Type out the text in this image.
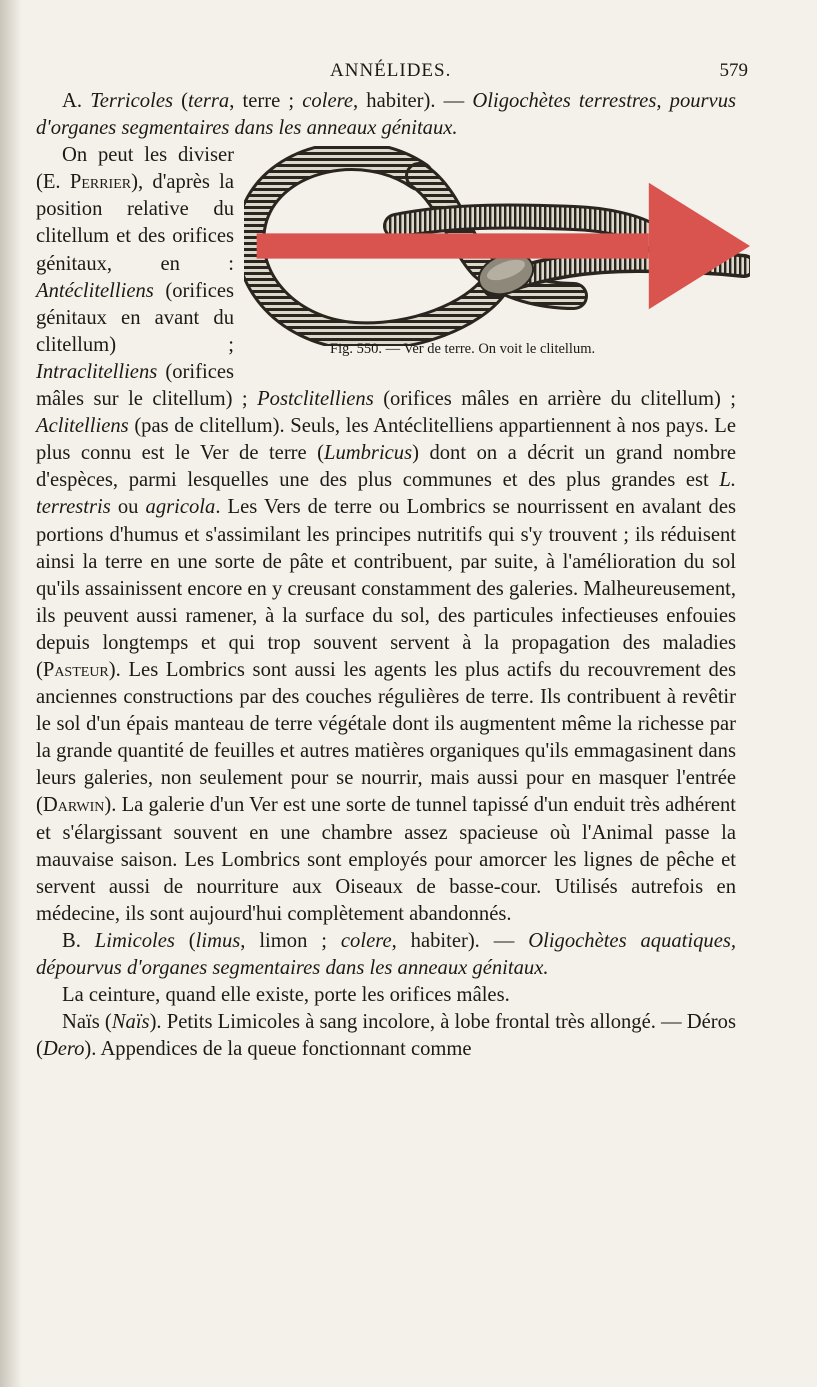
ANNÉLIDES.	579

A. Terricoles (terra, terre ; colere, habiter). — Oligochètes terrestres, pourvus d'organes segmentaires dans les anneaux génitaux.

Fig. 550. — Ver de terre. On voit le clitellum.
On peut les diviser (E. Perrier), d'après la position relative du clitellum et des orifices génitaux, en : Antéclitelliens (orifices génitaux en avant du clitellum) ; Intraclitelliens (orifices mâles sur le clitellum) ; Postclitelliens (orifices mâles en arrière du clitellum) ; Aclitelliens (pas de clitellum). Seuls, les Antéclitelliens appartiennent à nos pays. Le plus connu est le Ver de terre (Lumbricus) dont on a décrit un grand nombre d'espèces, parmi lesquelles une des plus communes et des plus grandes est L. terrestris ou agricola. Les Vers de terre ou Lombrics se nourrissent en avalant des portions d'humus et s'assimilant les principes nutritifs qui s'y trouvent ; ils réduisent ainsi la terre en une sorte de pâte et contribuent, par suite, à l'amélioration du sol qu'ils assainissent encore en y creusant constamment des galeries. Malheureusement, ils peuvent aussi ramener, à la surface du sol, des particules infectieuses enfouies depuis longtemps et qui trop souvent servent à la propagation des maladies (Pasteur). Les Lombrics sont aussi les agents les plus actifs du recouvrement des anciennes constructions par des couches régulières de terre. Ils contribuent à revêtir le sol d'un épais manteau de terre végétale dont ils augmentent même la richesse par la grande quantité de feuilles et autres matières organiques qu'ils emmagasinent dans leurs galeries, non seulement pour se nourrir, mais aussi pour en masquer l'entrée (Darwin). La galerie d'un Ver est une sorte de tunnel tapissé d'un enduit très adhérent et s'élargissant souvent en une chambre assez spacieuse où l'Animal passe la mauvaise saison. Les Lombrics sont employés pour amorcer les lignes de pêche et servent aussi de nourriture aux Oiseaux de basse-cour. Utilisés autrefois en médecine, ils sont aujourd'hui complètement abandonnés.

B. Limicoles (limus, limon ; colere, habiter). — Oligochètes aquatiques, dépourvus d'organes segmentaires dans les anneaux génitaux.

La ceinture, quand elle existe, porte les orifices mâles.

Naïs (Naïs). Petits Limicoles à sang incolore, à lobe frontal très allongé. — Déros (Dero). Appendices de la queue fonctionnant comme
